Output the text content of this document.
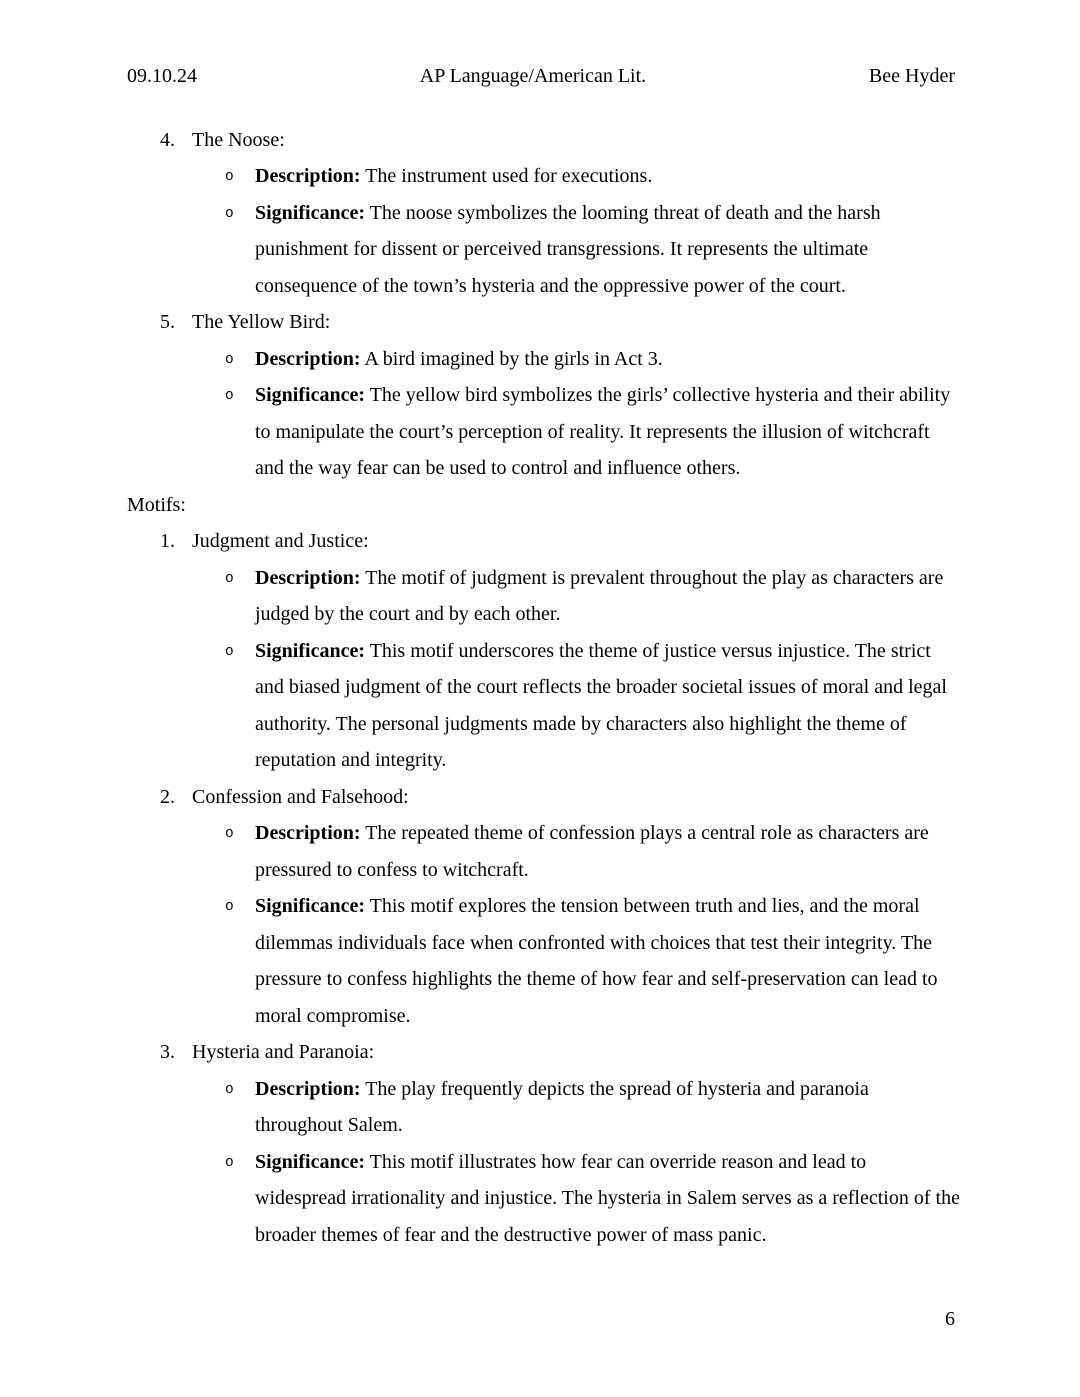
09.10.24	AP Language/American Lit.	Bee Hyder
4. The Noose:
o Description: The instrument used for executions.
o Significance: The noose symbolizes the looming threat of death and the harsh punishment for dissent or perceived transgressions. It represents the ultimate consequence of the town’s hysteria and the oppressive power of the court.
5. The Yellow Bird:
o Description: A bird imagined by the girls in Act 3.
o Significance: The yellow bird symbolizes the girls’ collective hysteria and their ability to manipulate the court’s perception of reality. It represents the illusion of witchcraft and the way fear can be used to control and influence others.
Motifs:
1. Judgment and Justice:
o Description: The motif of judgment is prevalent throughout the play as characters are judged by the court and by each other.
o Significance: This motif underscores the theme of justice versus injustice. The strict and biased judgment of the court reflects the broader societal issues of moral and legal authority. The personal judgments made by characters also highlight the theme of reputation and integrity.
2. Confession and Falsehood:
o Description: The repeated theme of confession plays a central role as characters are pressured to confess to witchcraft.
o Significance: This motif explores the tension between truth and lies, and the moral dilemmas individuals face when confronted with choices that test their integrity. The pressure to confess highlights the theme of how fear and self-preservation can lead to moral compromise.
3. Hysteria and Paranoia:
o Description: The play frequently depicts the spread of hysteria and paranoia throughout Salem.
o Significance: This motif illustrates how fear can override reason and lead to widespread irrationality and injustice. The hysteria in Salem serves as a reflection of the broader themes of fear and the destructive power of mass panic.
6
